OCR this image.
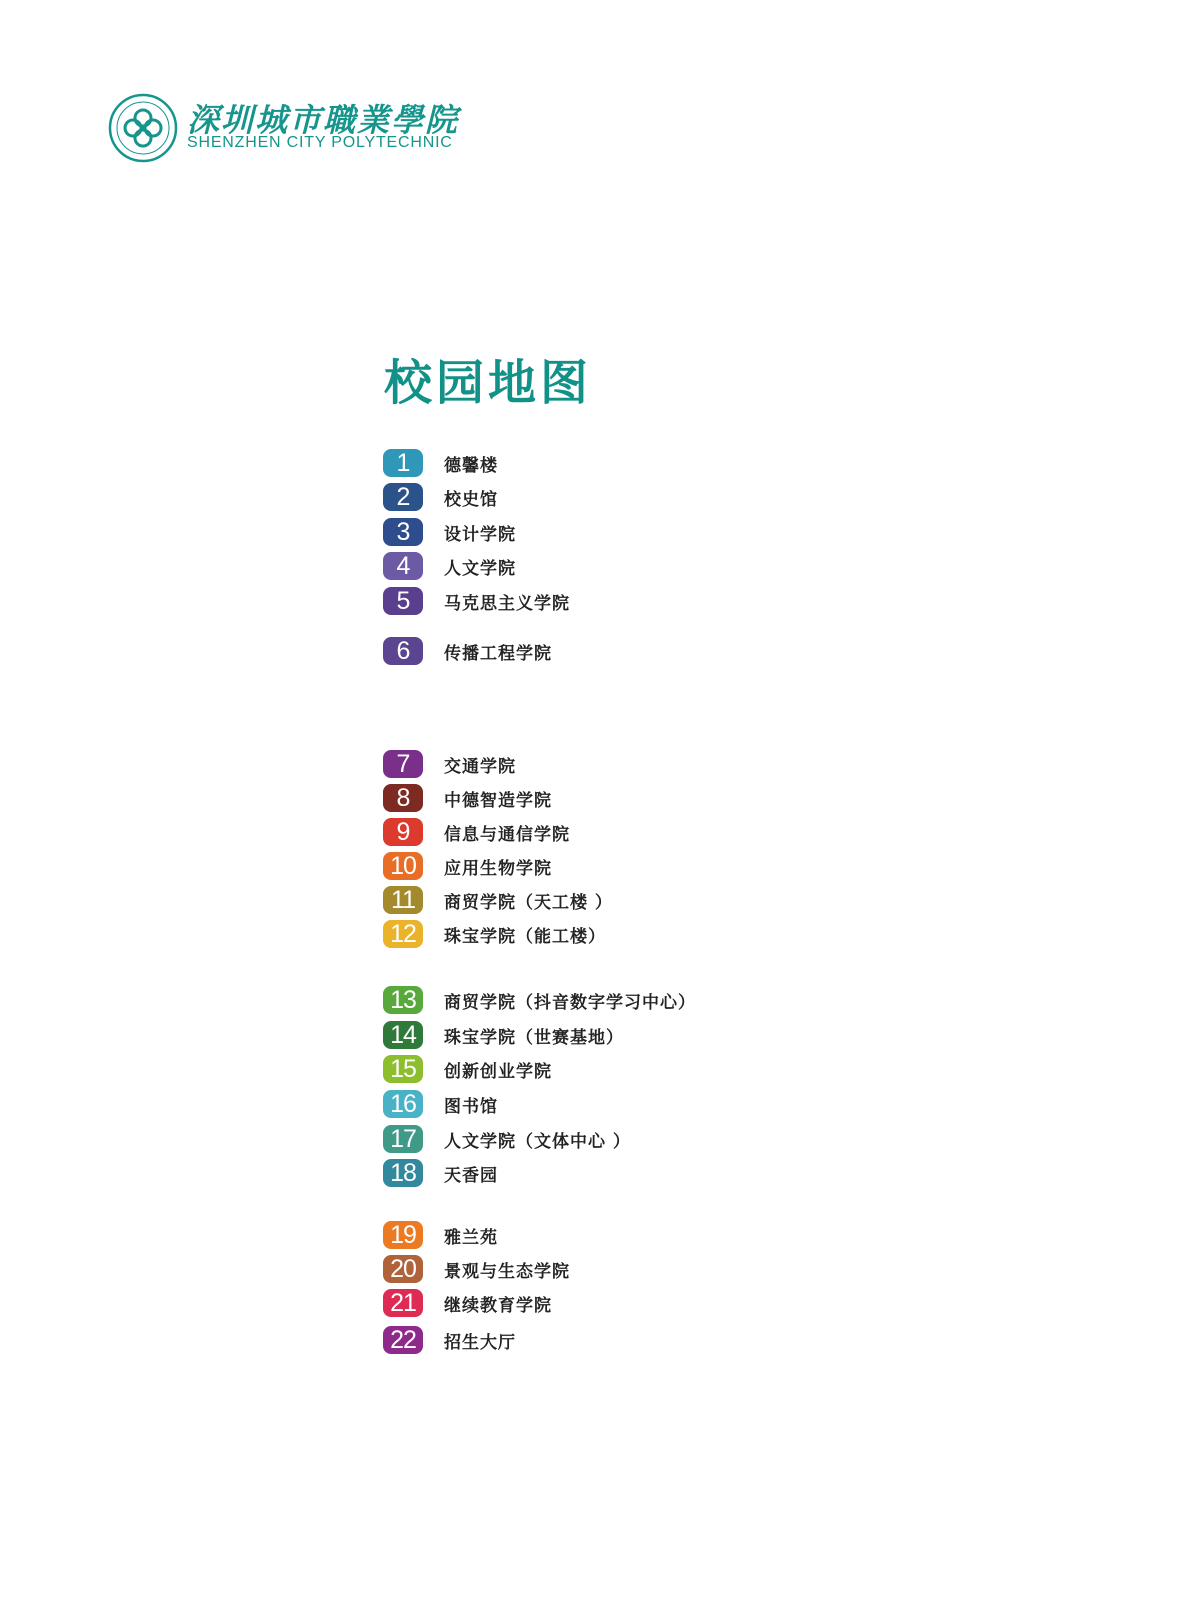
深圳城市職業學院
SHENZHEN CITY POLYTECHNIC
校园地图
1	德馨楼
2	校史馆
3	设计学院
4	人文学院
5	马克思主义学院
6	传播工程学院
7	交通学院
8	中德智造学院
9	信息与通信学院
10	应用生物学院
11	商贸学院（天工楼 ）
12	珠宝学院（能工楼）
13	商贸学院（抖音数字学习中心）
14	珠宝学院（世赛基地）
15	创新创业学院
16	图书馆
17	人文学院（文体中心 ）
18	天香园
19	雅兰苑
20	景观与生态学院
21	继续教育学院
22	招生大厅
